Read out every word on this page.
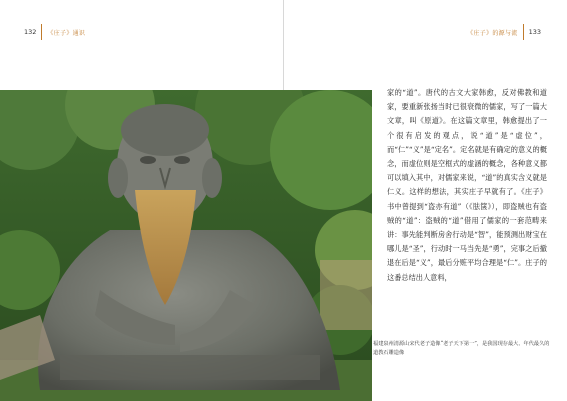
132 《庄子》通识	《庄子》的源与流 133

家的“道”。唐代的古文大家韩愈，反对佛教和道家，要重新张扬当时已很衰微的儒家，写了一篇大文章，叫《原道》。在这篇文章里，韩愈提出了一个很有启发的观点，说“道”是“虚位”，而“仁”“义”是“定名”。定名就是有确定的意义的概念，而虚位则是空框式的虚涵的概念，各种意义都可以填入其中，对儒家来说，“道”的真实含义就是仁义。这样的想法，其实庄子早就有了。《庄子》书中曾提到“盗亦有道”（《胠箧》），即盗贼也有盗贼的“道”：盗贼的“道”借用了儒家的一套范畴来讲：事先能判断房舍行动是“智”，能预测出财宝在哪儿是“圣”，行动时一马当先是“勇”，完事之后撤退在后是“义”，最后分赃平均合理是“仁”。庄子的这番总结出人意料，

福建泉州清源山宋代老子造像“老子天下第一”，是我国现存最大、年代最久的道教石雕造像
